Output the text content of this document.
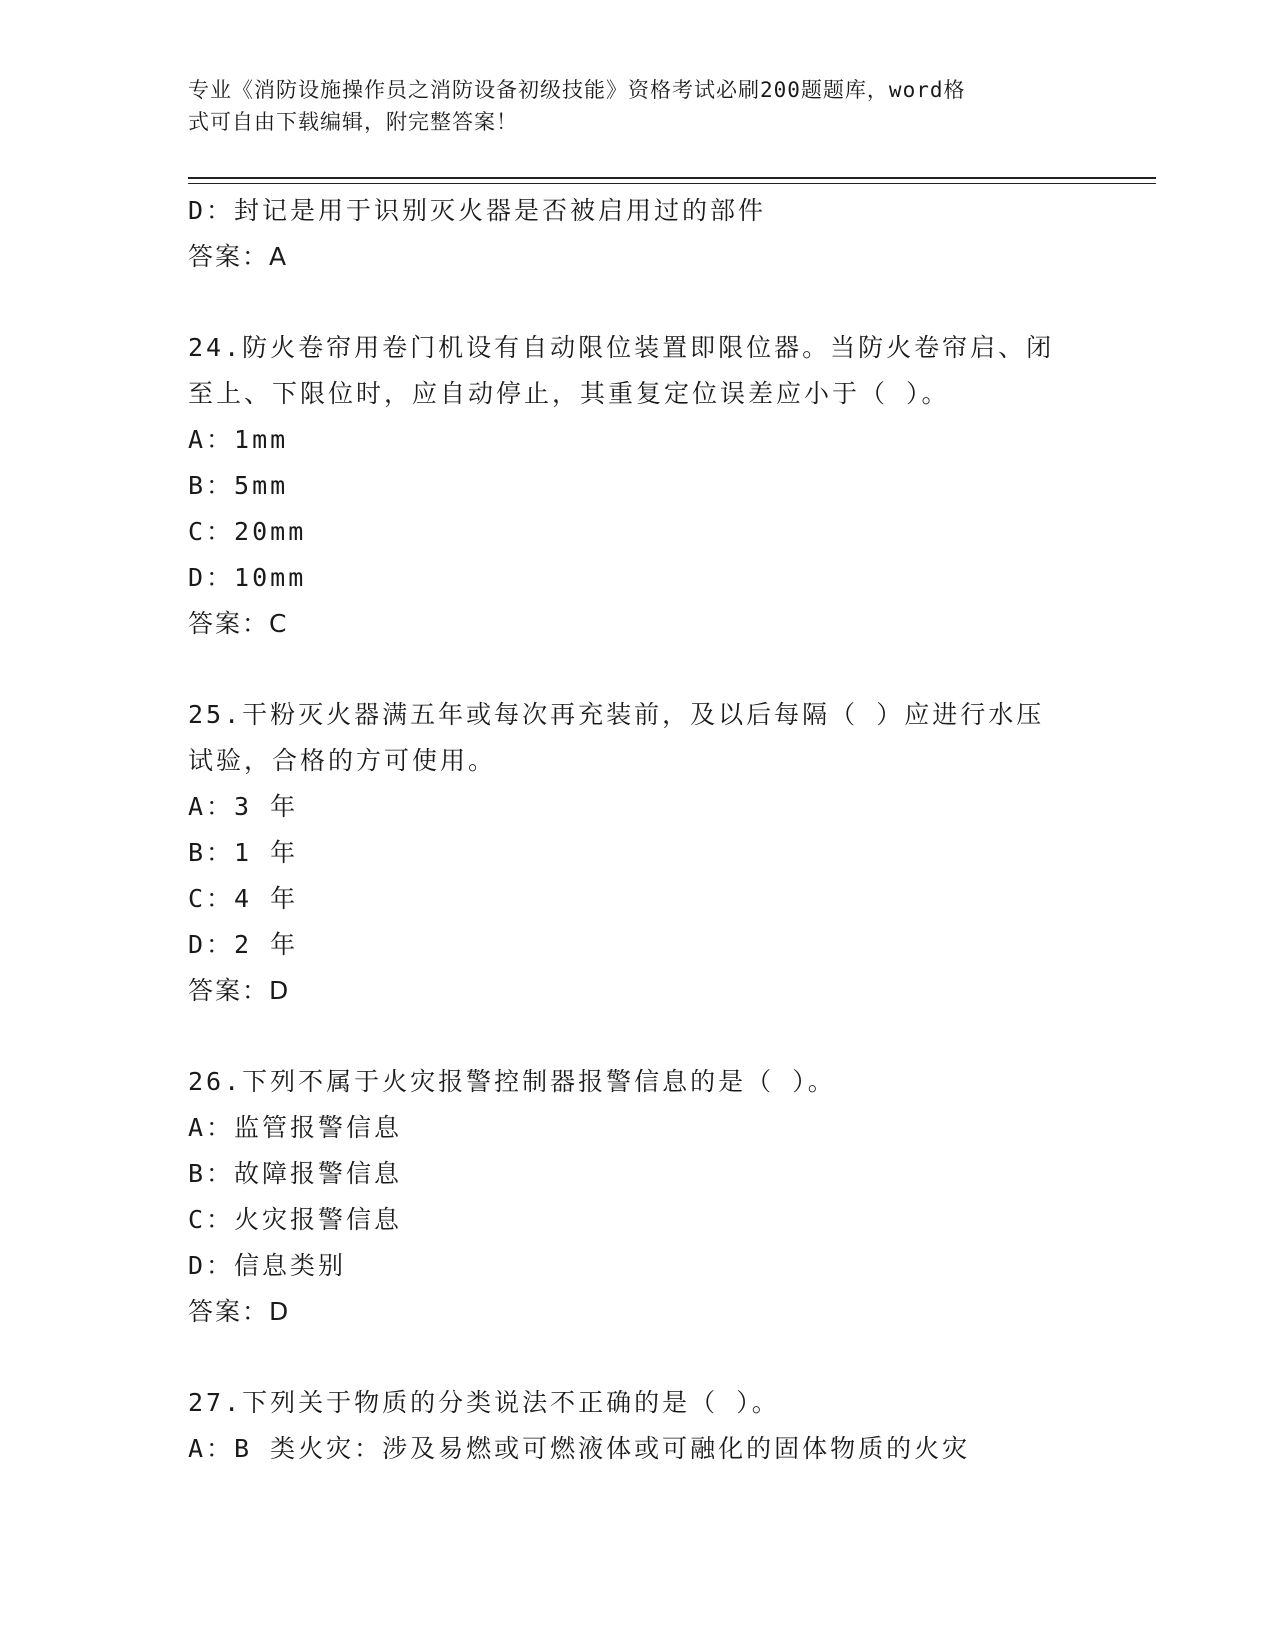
专业《消防设施操作员之消防设备初级技能》资格考试必刷200题题库，word格
式可自由下载编辑，附完整答案！
D：封记是用于识别灭火器是否被启用过的部件
答案：A
24.防火卷帘用卷门机设有自动限位装置即限位器。当防火卷帘启、闭
至上、下限位时，应自动停止，其重复定位误差应小于（ ）。
A：1mm
B：5mm
C：20mm
D：10mm
答案：C
25.干粉灭火器满五年或每次再充装前，及以后每隔（ ）应进行水压
试验，合格的方可使用。
A：3 年
B：1 年
C：4 年
D：2 年
答案：D
26.下列不属于火灾报警控制器报警信息的是（ ）。
A：监管报警信息
B：故障报警信息
C：火灾报警信息
D：信息类别
答案：D
27.下列关于物质的分类说法不正确的是（ ）。
A：B 类火灾：涉及易燃或可燃液体或可融化的固体物质的火灾
